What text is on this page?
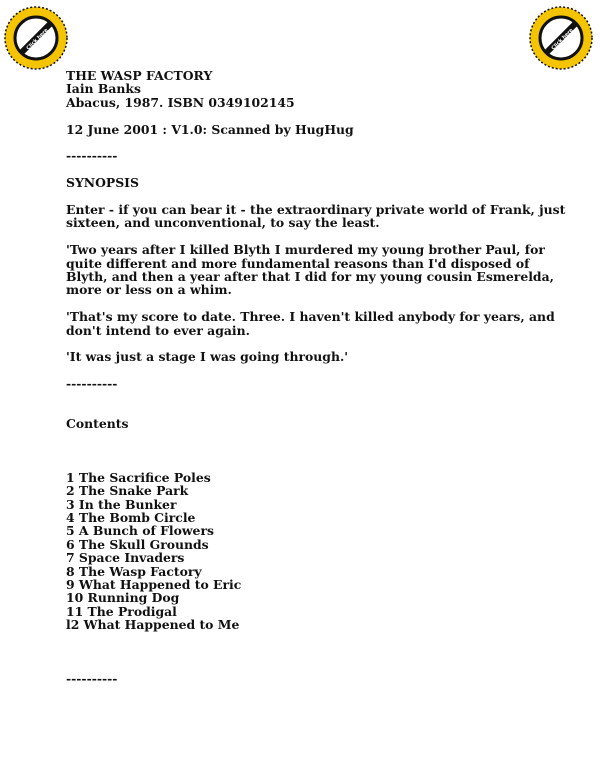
Click here	Click here
THE WASP FACTORY
Iain Banks
Abacus, 1987. ISBN 0349102145
12 June 2001 : V1.0: Scanned by HugHug
----------
SYNOPSIS
Enter - if you can bear it - the extraordinary private world of Frank, just sixteen, and unconventional, to say the least.
'Two years after I killed Blyth I murdered my young brother Paul, for quite different and more fundamental reasons than I'd disposed of Blyth, and then a year after that I did for my young cousin Esmerelda, more or less on a whim.
'That's my score to date. Three. I haven't killed anybody for years, and don't intend to ever again.
'It was just a stage I was going through.'
----------
Contents
1 The Sacrifice Poles
2 The Snake Park
3 In the Bunker
4 The Bomb Circle
5 A Bunch of Flowers
6 The Skull Grounds
7 Space Invaders
8 The Wasp Factory
9 What Happened to Eric
10 Running Dog
11 The Prodigal
l2 What Happened to Me
----------
